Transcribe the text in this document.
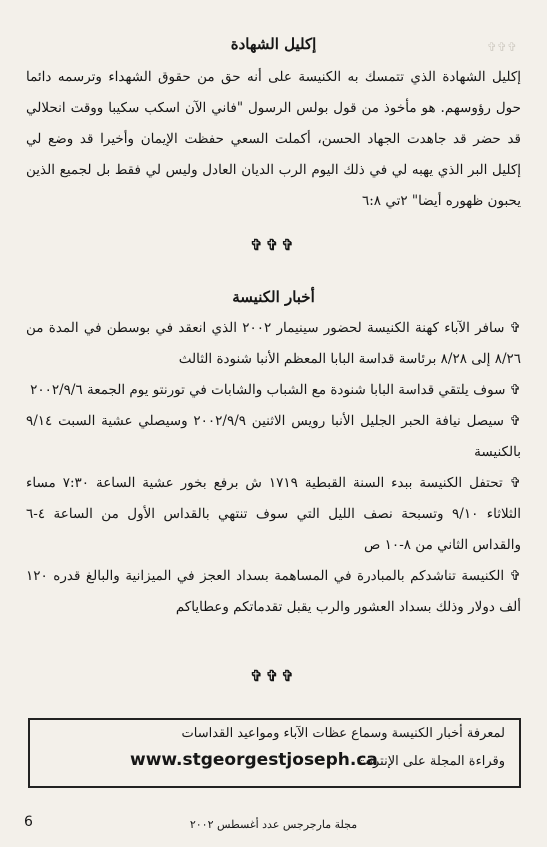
✞✞✞
إكليل الشهادة
إكليل الشهادة الذي تتمسك به الكنيسة على أنه حق من حقوق الشهداء وترسمه دائما حول رؤوسهم. هو مأخوذ من قول بولس الرسول "فاني الآن اسكب سكيبا ووقت انحلالي قد حضر قد جاهدت الجهاد الحسن، أكملت السعي حفظت الإيمان وأخيرا قد وضع لي إكليل البر الذي يهبه لي في ذلك اليوم الرب الديان العادل وليس لي فقط بل لجميع الذين يحبون ظهوره أيضا" ٢تي ٦:٨
✞✞✞
أخبار الكنيسة
✞ سافر الآباء كهنة الكنيسة لحضور سينيمار ٢٠٠٢ الذي انعقد في بوسطن في المدة من ٨/٢٦ إلى ٨/٢٨ برئاسة قداسة البابا المعظم الأنبا شنودة الثالث
✞ سوف يلتقي قداسة البابا شنودة مع الشباب والشابات في تورنتو يوم الجمعة ٢٠٠٢/٩/٦
✞ سيصل نيافة الحبر الجليل الأنبا رويس الاثنين ٢٠٠٢/٩/٩ وسيصلي عشية السبت ٩/١٤ بالكنيسة
✞ تحتفل الكنيسة ببدء السنة القبطية ١٧١٩ ش برفع بخور عشية الساعة ٧:٣٠ مساء الثلاثاء ٩/١٠ وتسبحة نصف الليل التي سوف تنتهي بالقداس الأول من الساعة ٤-٦ والقداس الثاني من ٨-١٠ ص
✞ الكنيسة تناشدكم بالمبادرة في المساهمة بسداد العجز في الميزانية والبالغ قدره ١٢٠ ألف دولار وذلك بسداد العشور والرب يقبل تقدماتكم وعطاياكم
✞✞✞
لمعرفة أخبار الكنيسة وسماع عظات الآباء ومواعيد القداسات
وقراءة المجلة على الإنترنت
www.stgeorgestjoseph.ca
6	مجلة مارجرجس عدد أغسطس ٢٠٠٢
